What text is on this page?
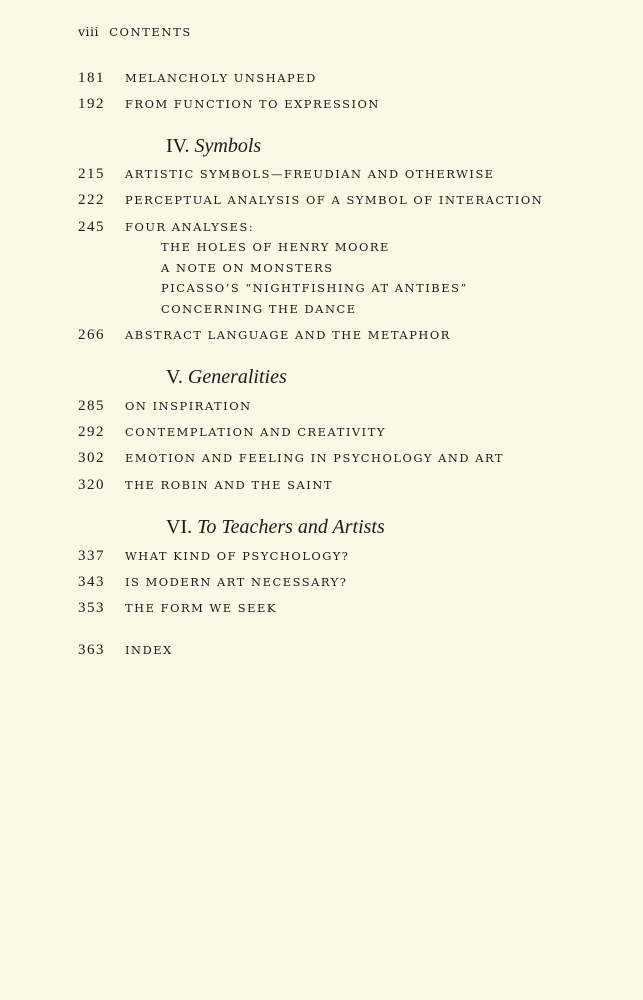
viii CONTENTS
181	MELANCHOLY UNSHAPED
192	FROM FUNCTION TO EXPRESSION
IV. Symbols
215	ARTISTIC SYMBOLS—FREUDIAN AND OTHERWISE
222	PERCEPTUAL ANALYSIS OF A SYMBOL OF INTERACTION
245	FOUR ANALYSES:
THE HOLES OF HENRY MOORE
A NOTE ON MONSTERS
PICASSO’S “NIGHTFISHING AT ANTIBES”
CONCERNING THE DANCE
266	ABSTRACT LANGUAGE AND THE METAPHOR
V. Generalities
285	ON INSPIRATION
292	CONTEMPLATION AND CREATIVITY
302	EMOTION AND FEELING IN PSYCHOLOGY AND ART
320	THE ROBIN AND THE SAINT
VI. To Teachers and Artists
337	WHAT KIND OF PSYCHOLOGY?
343	IS MODERN ART NECESSARY?
353	THE FORM WE SEEK
363	INDEX
